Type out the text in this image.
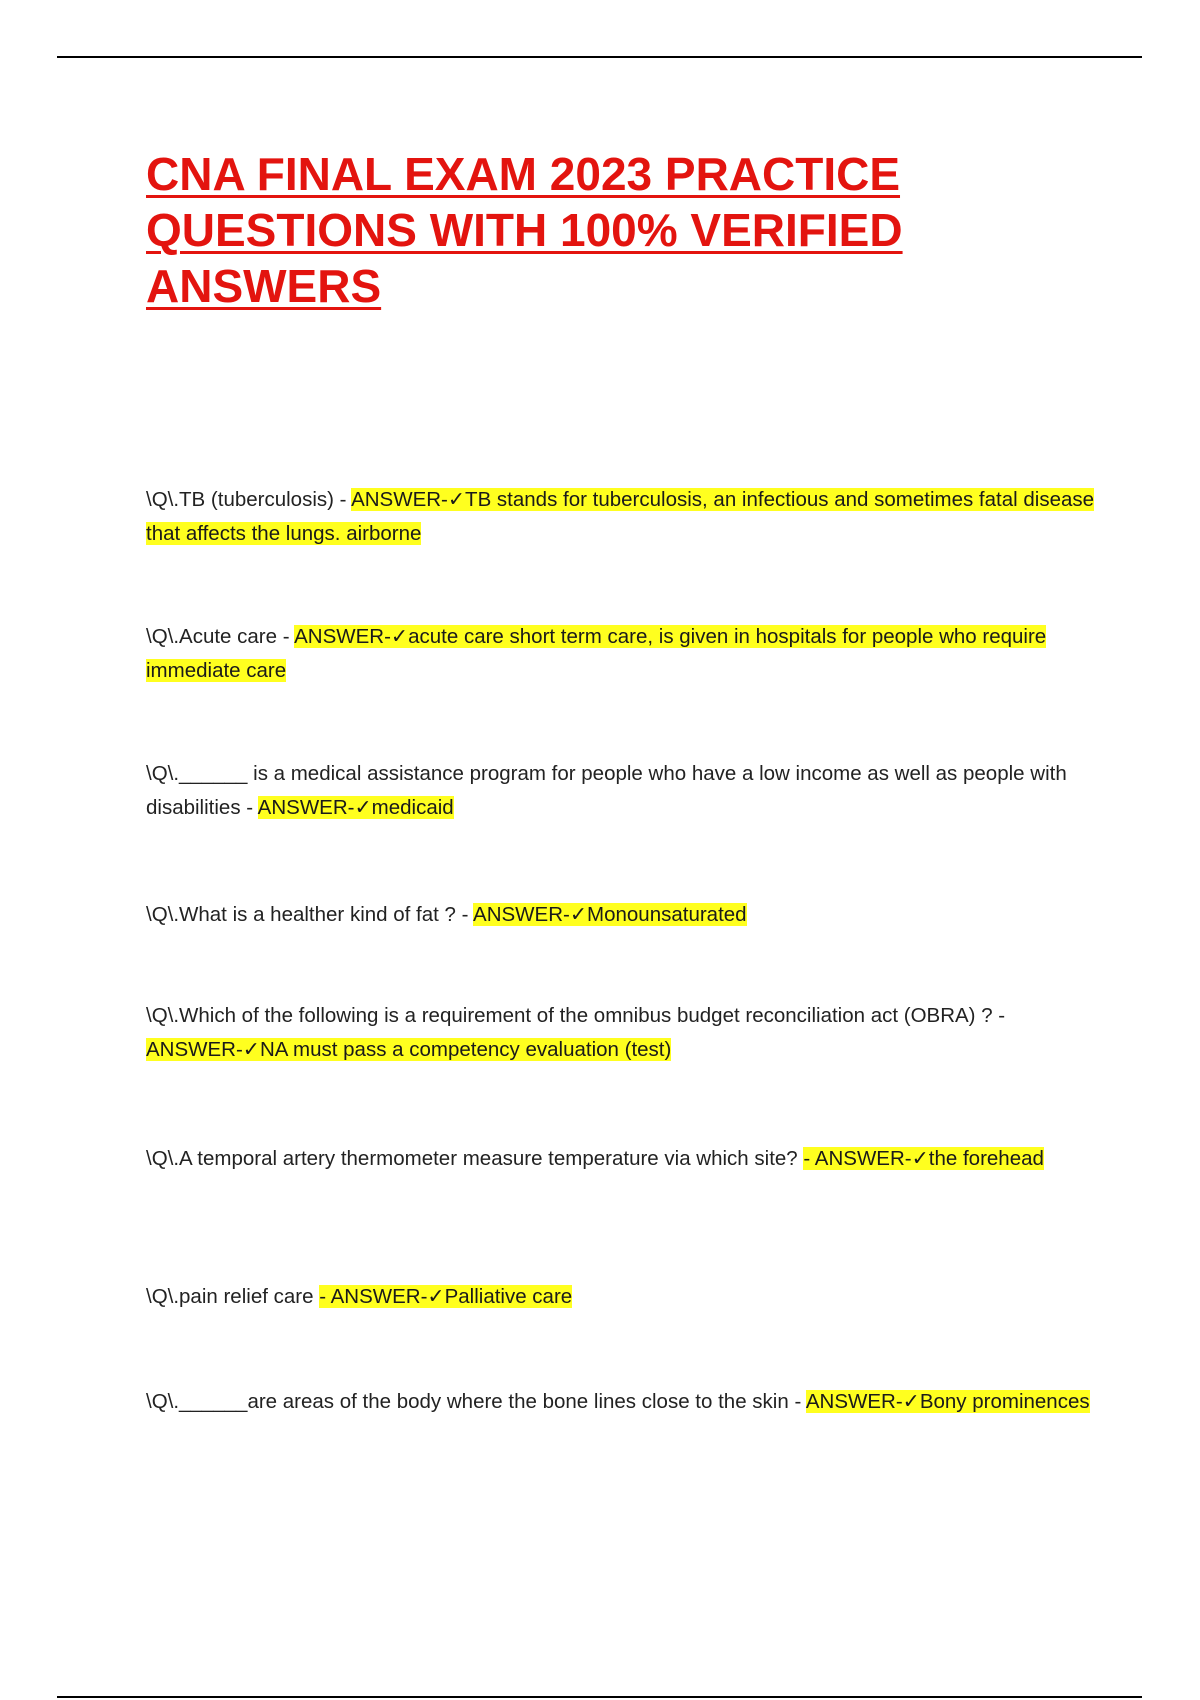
CNA FINAL EXAM 2023 PRACTICE QUESTIONS WITH 100% VERIFIED ANSWERS

\Q\.TB (tuberculosis) - ANSWER-✓TB stands for tuberculosis, an infectious and sometimes fatal disease that affects the lungs. airborne

\Q\.Acute care - ANSWER-✓acute care short term care, is given in hospitals for people who require immediate care

\Q\.______ is a medical assistance program for people who have a low income as well as people with disabilities - ANSWER-✓medicaid

\Q\.What is a healther kind of fat ? - ANSWER-✓Monounsaturated

\Q\.Which of the following is a requirement of the omnibus budget reconciliation act (OBRA) ? - ANSWER-✓NA must pass a competency evaluation (test)

\Q\.A temporal artery thermometer measure temperature via which site? - ANSWER-✓the forehead

\Q\.pain relief care - ANSWER-✓Palliative care

\Q\.______are areas of the body where the bone lines close to the skin - ANSWER-✓Bony prominences
